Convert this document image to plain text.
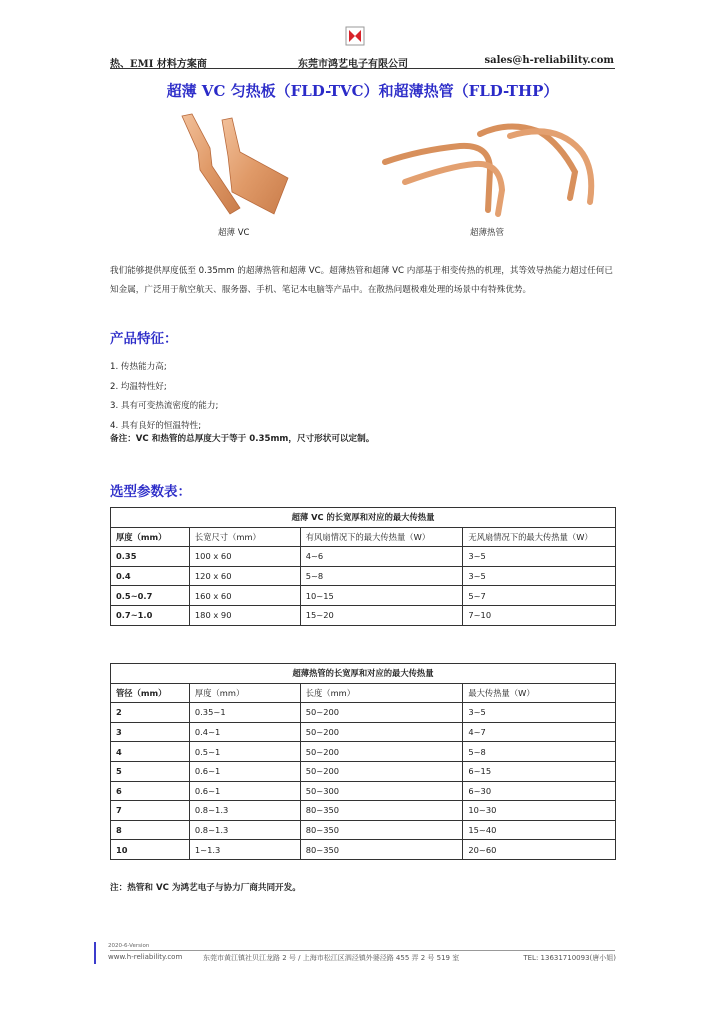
热、EMI 材料方案商	东莞市鸿艺电子有限公司	sales@h-reliability.com
超薄 VC 匀热板（FLD-TVC）和超薄热管（FLD-THP）
超薄 VC	超薄热管
我们能够提供厚度低至 0.35mm 的超薄热管和超薄 VC。超薄热管和超薄 VC 内部基于相变传热的机理，其等效导热能力超过任何已知金属，广泛用于航空航天、服务器、手机、笔记本电脑等产品中。在散热问题极难处理的场景中有特殊优势。
产品特征：
1. 传热能力高;
2. 均温特性好;
3. 具有可变热流密度的能力;
4. 具有良好的恒温特性;
备注：VC 和热管的总厚度大于等于 0.35mm，尺寸形状可以定制。
选型参数表：
超薄 VC 的长宽厚和对应的最大传热量			
厚度（mm）	长宽尺寸（mm）	有风扇情况下的最大传热量（W）	无风扇情况下的最大传热量（W）
0.35	100 x 60	4~6	3~5
0.4	120 x 60	5~8	3~5
0.5~0.7	160 x 60	10~15	5~7
0.7~1.0	180 x 90	15~20	7~10
超薄热管的长宽厚和对应的最大传热量			
管径（mm）	厚度（mm）	长度（mm）	最大传热量（W）
2	0.35~1	50~200	3~5
3	0.4~1	50~200	4~7
4	0.5~1	50~200	5~8
5	0.6~1	50~200	6~15
6	0.6~1	50~300	6~30
7	0.8~1.3	80~350	10~30
8	0.8~1.3	80~350	15~40
10	1~1.3	80~350	20~60
注：热管和 VC 为鸿艺电子与协力厂商共同开发。
2020-6-Version
www.h-reliability.com	东莞市黄江镇社贝江龙路 2 号 / 上海市松江区泗泾镇外婆泾路 455 弄 2 号 519 室	TEL: 13631710093(唐小姐)
